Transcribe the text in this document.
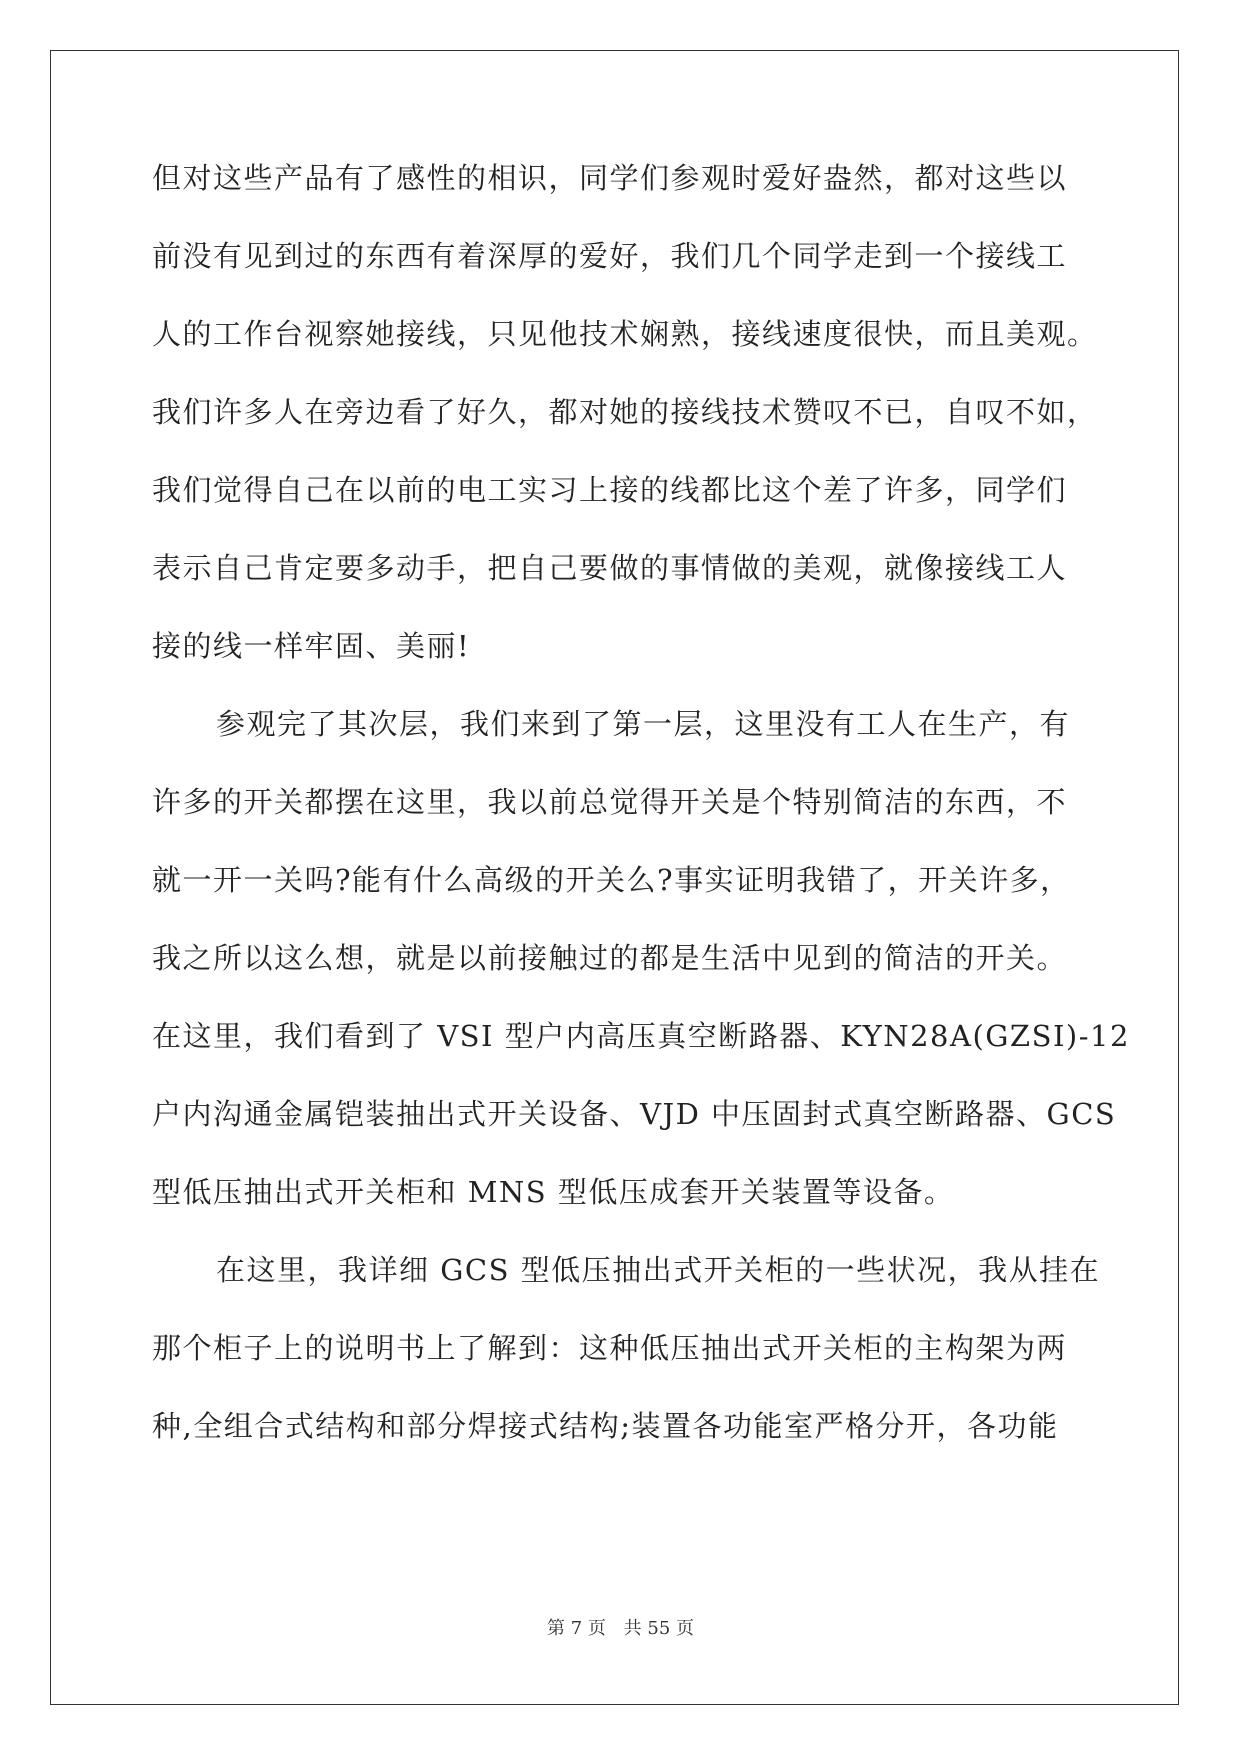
但对这些产品有了感性的相识，同学们参观时爱好盎然，都对这些以
前没有见到过的东西有着深厚的爱好，我们几个同学走到一个接线工
人的工作台视察她接线，只见他技术娴熟，接线速度很快，而且美观。
我们许多人在旁边看了好久，都对她的接线技术赞叹不已，自叹不如，
我们觉得自己在以前的电工实习上接的线都比这个差了许多，同学们
表示自己肯定要多动手，把自己要做的事情做的美观，就像接线工人
接的线一样牢固、美丽!
参观完了其次层，我们来到了第一层，这里没有工人在生产，有
许多的开关都摆在这里，我以前总觉得开关是个特别简洁的东西，不
就一开一关吗?能有什么高级的开关么?事实证明我错了，开关许多，
我之所以这么想，就是以前接触过的都是生活中见到的简洁的开关。
在这里，我们看到了 VSI 型户内高压真空断路器、KYN28A(GZSI)-12
户内沟通金属铠装抽出式开关设备、VJD 中压固封式真空断路器、GCS
型低压抽出式开关柜和 MNS 型低压成套开关装置等设备。
在这里，我详细 GCS 型低压抽出式开关柜的一些状况，我从挂在
那个柜子上的说明书上了解到：这种低压抽出式开关柜的主构架为两
种,全组合式结构和部分焊接式结构;装置各功能室严格分开，各功能
第 7 页 共 55 页
